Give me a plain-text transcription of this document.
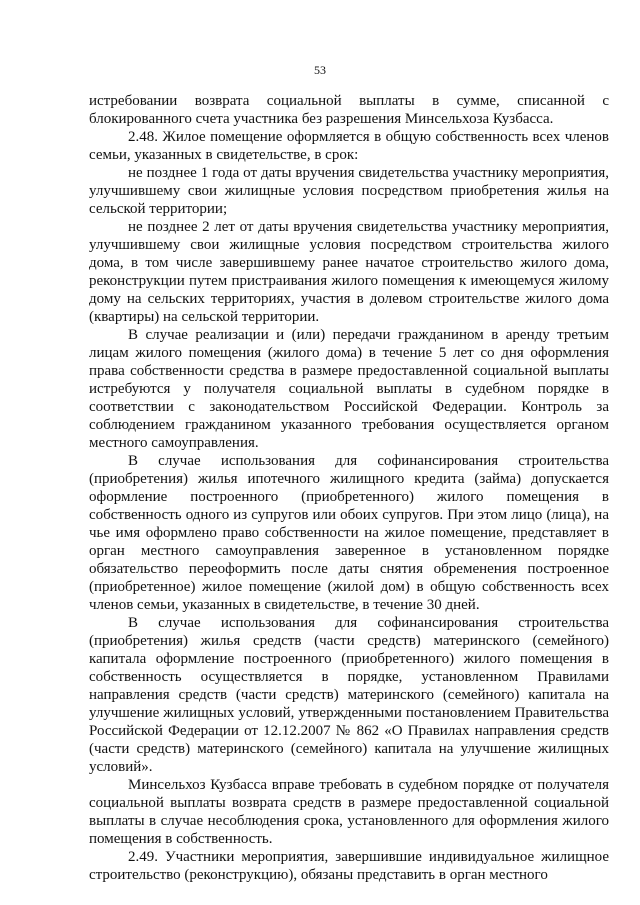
53

истребовании возврата социальной выплаты в сумме, списанной с блокированного счета участника без разрешения Минсельхоза Кузбасса.

2.48. Жилое помещение оформляется в общую собственность всех членов семьи, указанных в свидетельстве, в срок:

не позднее 1 года от даты вручения свидетельства участнику мероприятия, улучшившему свои жилищные условия посредством приобретения жилья на сельской территории;

не позднее 2 лет от даты вручения свидетельства участнику мероприятия, улучшившему свои жилищные условия посредством строительства жилого дома, в том числе завершившему ранее начатое строительство жилого дома, реконструкции путем пристраивания жилого помещения к имеющемуся жилому дому на сельских территориях, участия в долевом строительстве жилого дома (квартиры) на сельской территории.

В случае реализации и (или) передачи гражданином в аренду третьим лицам жилого помещения (жилого дома) в течение 5 лет со дня оформления права собственности средства в размере предоставленной социальной выплаты истребуются у получателя социальной выплаты в судебном порядке в соответствии с законодательством Российской Федерации. Контроль за соблюдением гражданином указанного требования осуществляется органом местного самоуправления.

В случае использования для софинансирования строительства (приобретения) жилья ипотечного жилищного кредита (займа) допускается оформление построенного (приобретенного) жилого помещения в собственность одного из супругов или обоих супругов. При этом лицо (лица), на чье имя оформлено право собственности на жилое помещение, представляет в орган местного самоуправления заверенное в установленном порядке обязательство переоформить после даты снятия обременения построенное (приобретенное) жилое помещение (жилой дом) в общую собственность всех членов семьи, указанных в свидетельстве, в течение 30 дней.

В случае использования для софинансирования строительства (приобретения) жилья средств (части средств) материнского (семейного) капитала оформление построенного (приобретенного) жилого помещения в собственность осуществляется в порядке, установленном Правилами направления средств (части средств) материнского (семейного) капитала на улучшение жилищных условий, утвержденными постановлением Правительства Российской Федерации от 12.12.2007 № 862 «О Правилах направления средств (части средств) материнского (семейного) капитала на улучшение жилищных условий».

Минсельхоз Кузбасса вправе требовать в судебном порядке от получателя социальной выплаты возврата средств в размере предоставленной социальной выплаты в случае несоблюдения срока, установленного для оформления жилого помещения в собственность.

2.49. Участники мероприятия, завершившие индивидуальное жилищное строительство (реконструкцию), обязаны представить в орган местного
